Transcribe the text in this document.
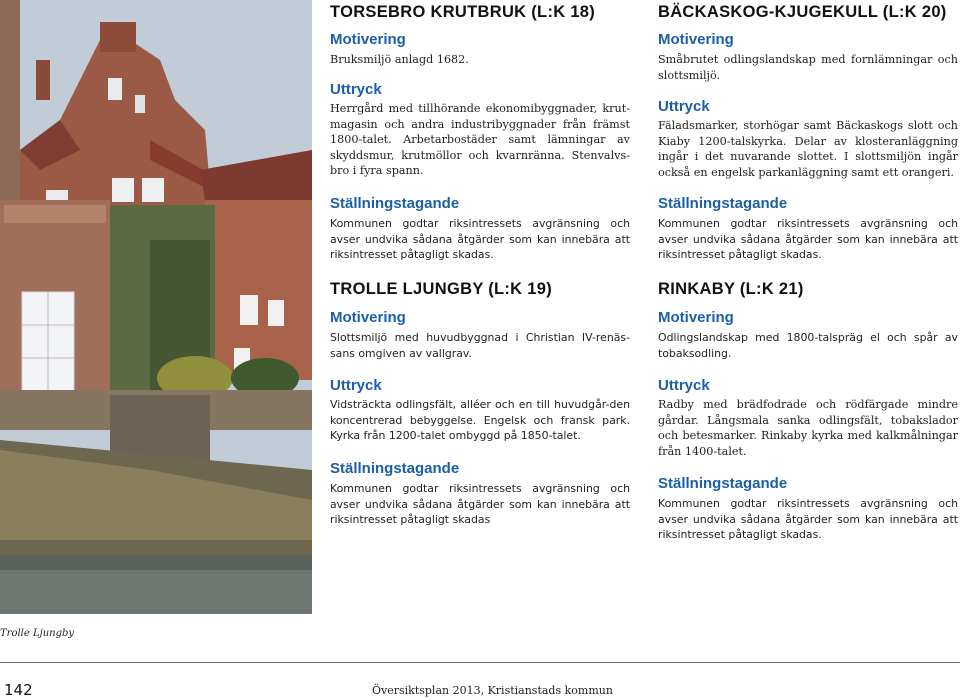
Trolle Ljungby
TORSEBRO KRUTBRUK (L:K 18)
Motivering

Bruksmiljö anlagd 1682.

Uttryck

Herrgård med tillhörande ekonomibyggnader, krut-magasin och andra industribyggnader från främst 1800-talet. Arbetarbostäder samt lämningar av skyddsmur, krutmöllor och kvarnränna. Stenvalvs-bro i fyra spann.

Ställningstagande

Kommunen godtar riksintressets avgränsning och avser undvika sådana åtgärder som kan innebära att riksintresset påtagligt skadas.

TROLLE LJUNGBY (L:K 19)
Motivering

Slottsmiljö med huvudbyggnad i Christian IV-renäs-sans omgiven av vallgrav.

Uttryck

Vidsträckta odlingsfält, alléer och en till huvudgår-den koncentrerad bebyggelse. Engelsk och fransk park. Kyrka från 1200-talet ombyggd på 1850-talet.

Ställningstagande

Kommunen godtar riksintressets avgränsning och avser undvika sådana åtgärder som kan innebära att riksintresset påtagligt skadas

BÄCKASKOG-KJUGEKULL (L:K 20)
Motivering

Småbrutet odlingslandskap med fornlämningar och slottsmiljö.

Uttryck

Fäladsmarker, storhögar samt Bäckaskogs slott och Kiaby 1200-talskyrka. Delar av klosteranläggning ingår i det nuvarande slottet. I slottsmiljön ingår också en engelsk parkanläggning samt ett orangeri.

Ställningstagande

Kommunen godtar riksintressets avgränsning och avser undvika sådana åtgärder som kan innebära att riksintresset påtagligt skadas.

RINKABY (L:K 21)
Motivering

Odlingslandskap med 1800-talspräg el och spår av tobaksodling.

Uttryck

Radby med brädfodrade och rödfärgade mindre gårdar. Långsmala sanka odlingsfält, tobakslador och betesmarker. Rinkaby kyrka med kalkmålningar från 1400-talet.

Ställningstagande

Kommunen godtar riksintressets avgränsning och avser undvika sådana åtgärder som kan innebära att riksintresset påtagligt skadas.

142	Översiktsplan 2013, Kristianstads kommun
